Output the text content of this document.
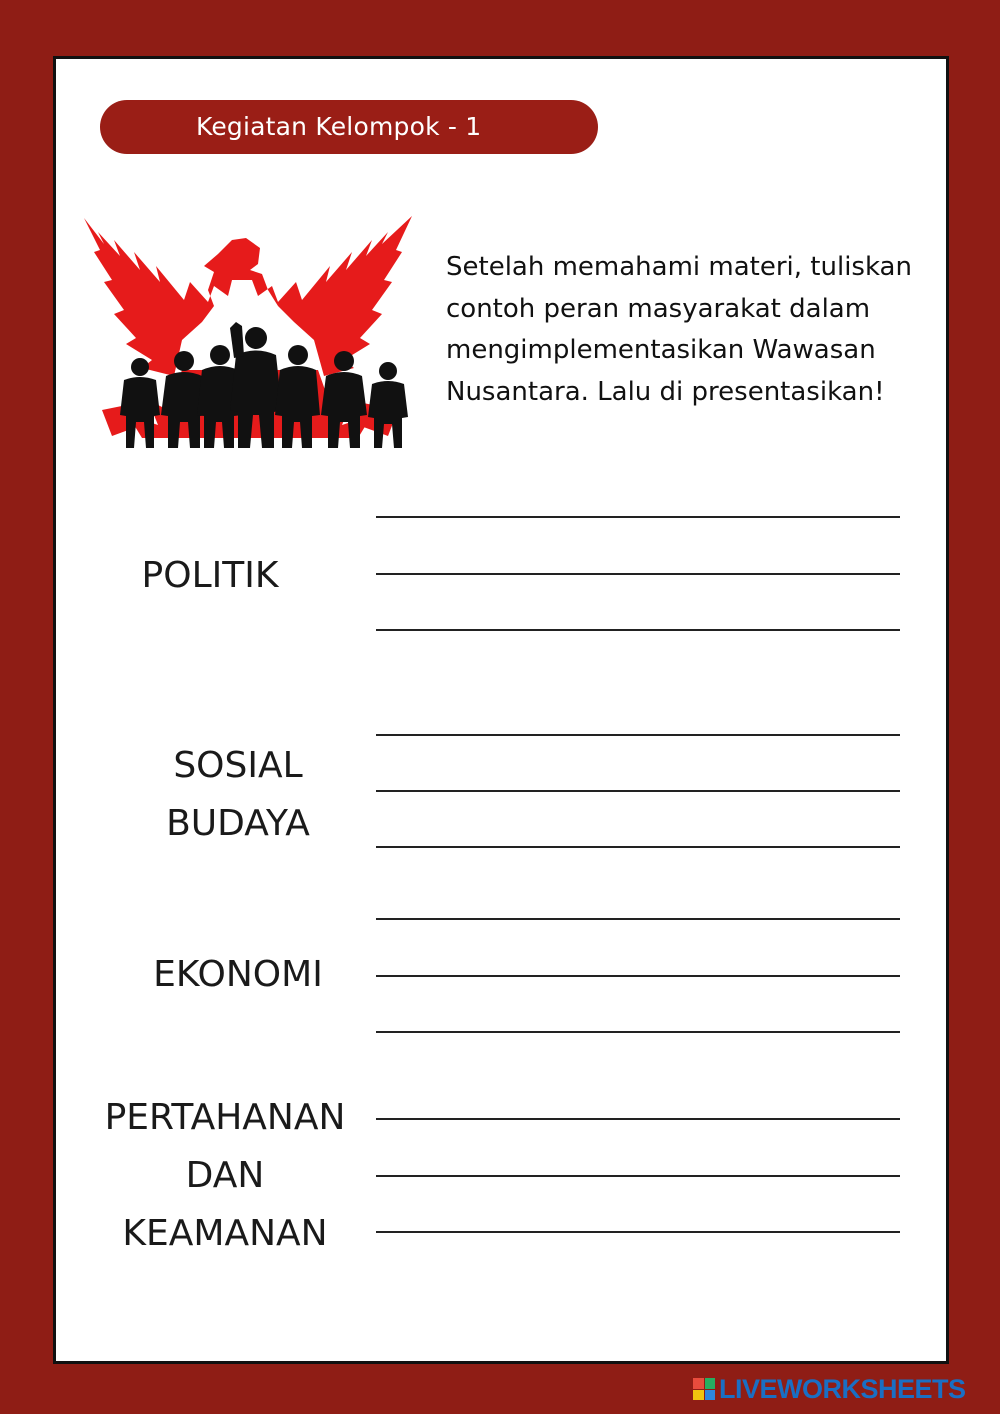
Kegiatan Kelompok - 1
Setelah memahami materi, tuliskan
contoh peran masyarakat dalam
mengimplementasikan Wawasan
Nusantara. Lalu di presentasikan!
POLITIK
SOSIAL
BUDAYA
EKONOMI
PERTAHANAN
DAN
KEAMANAN
LIVEWORKSHEETS
